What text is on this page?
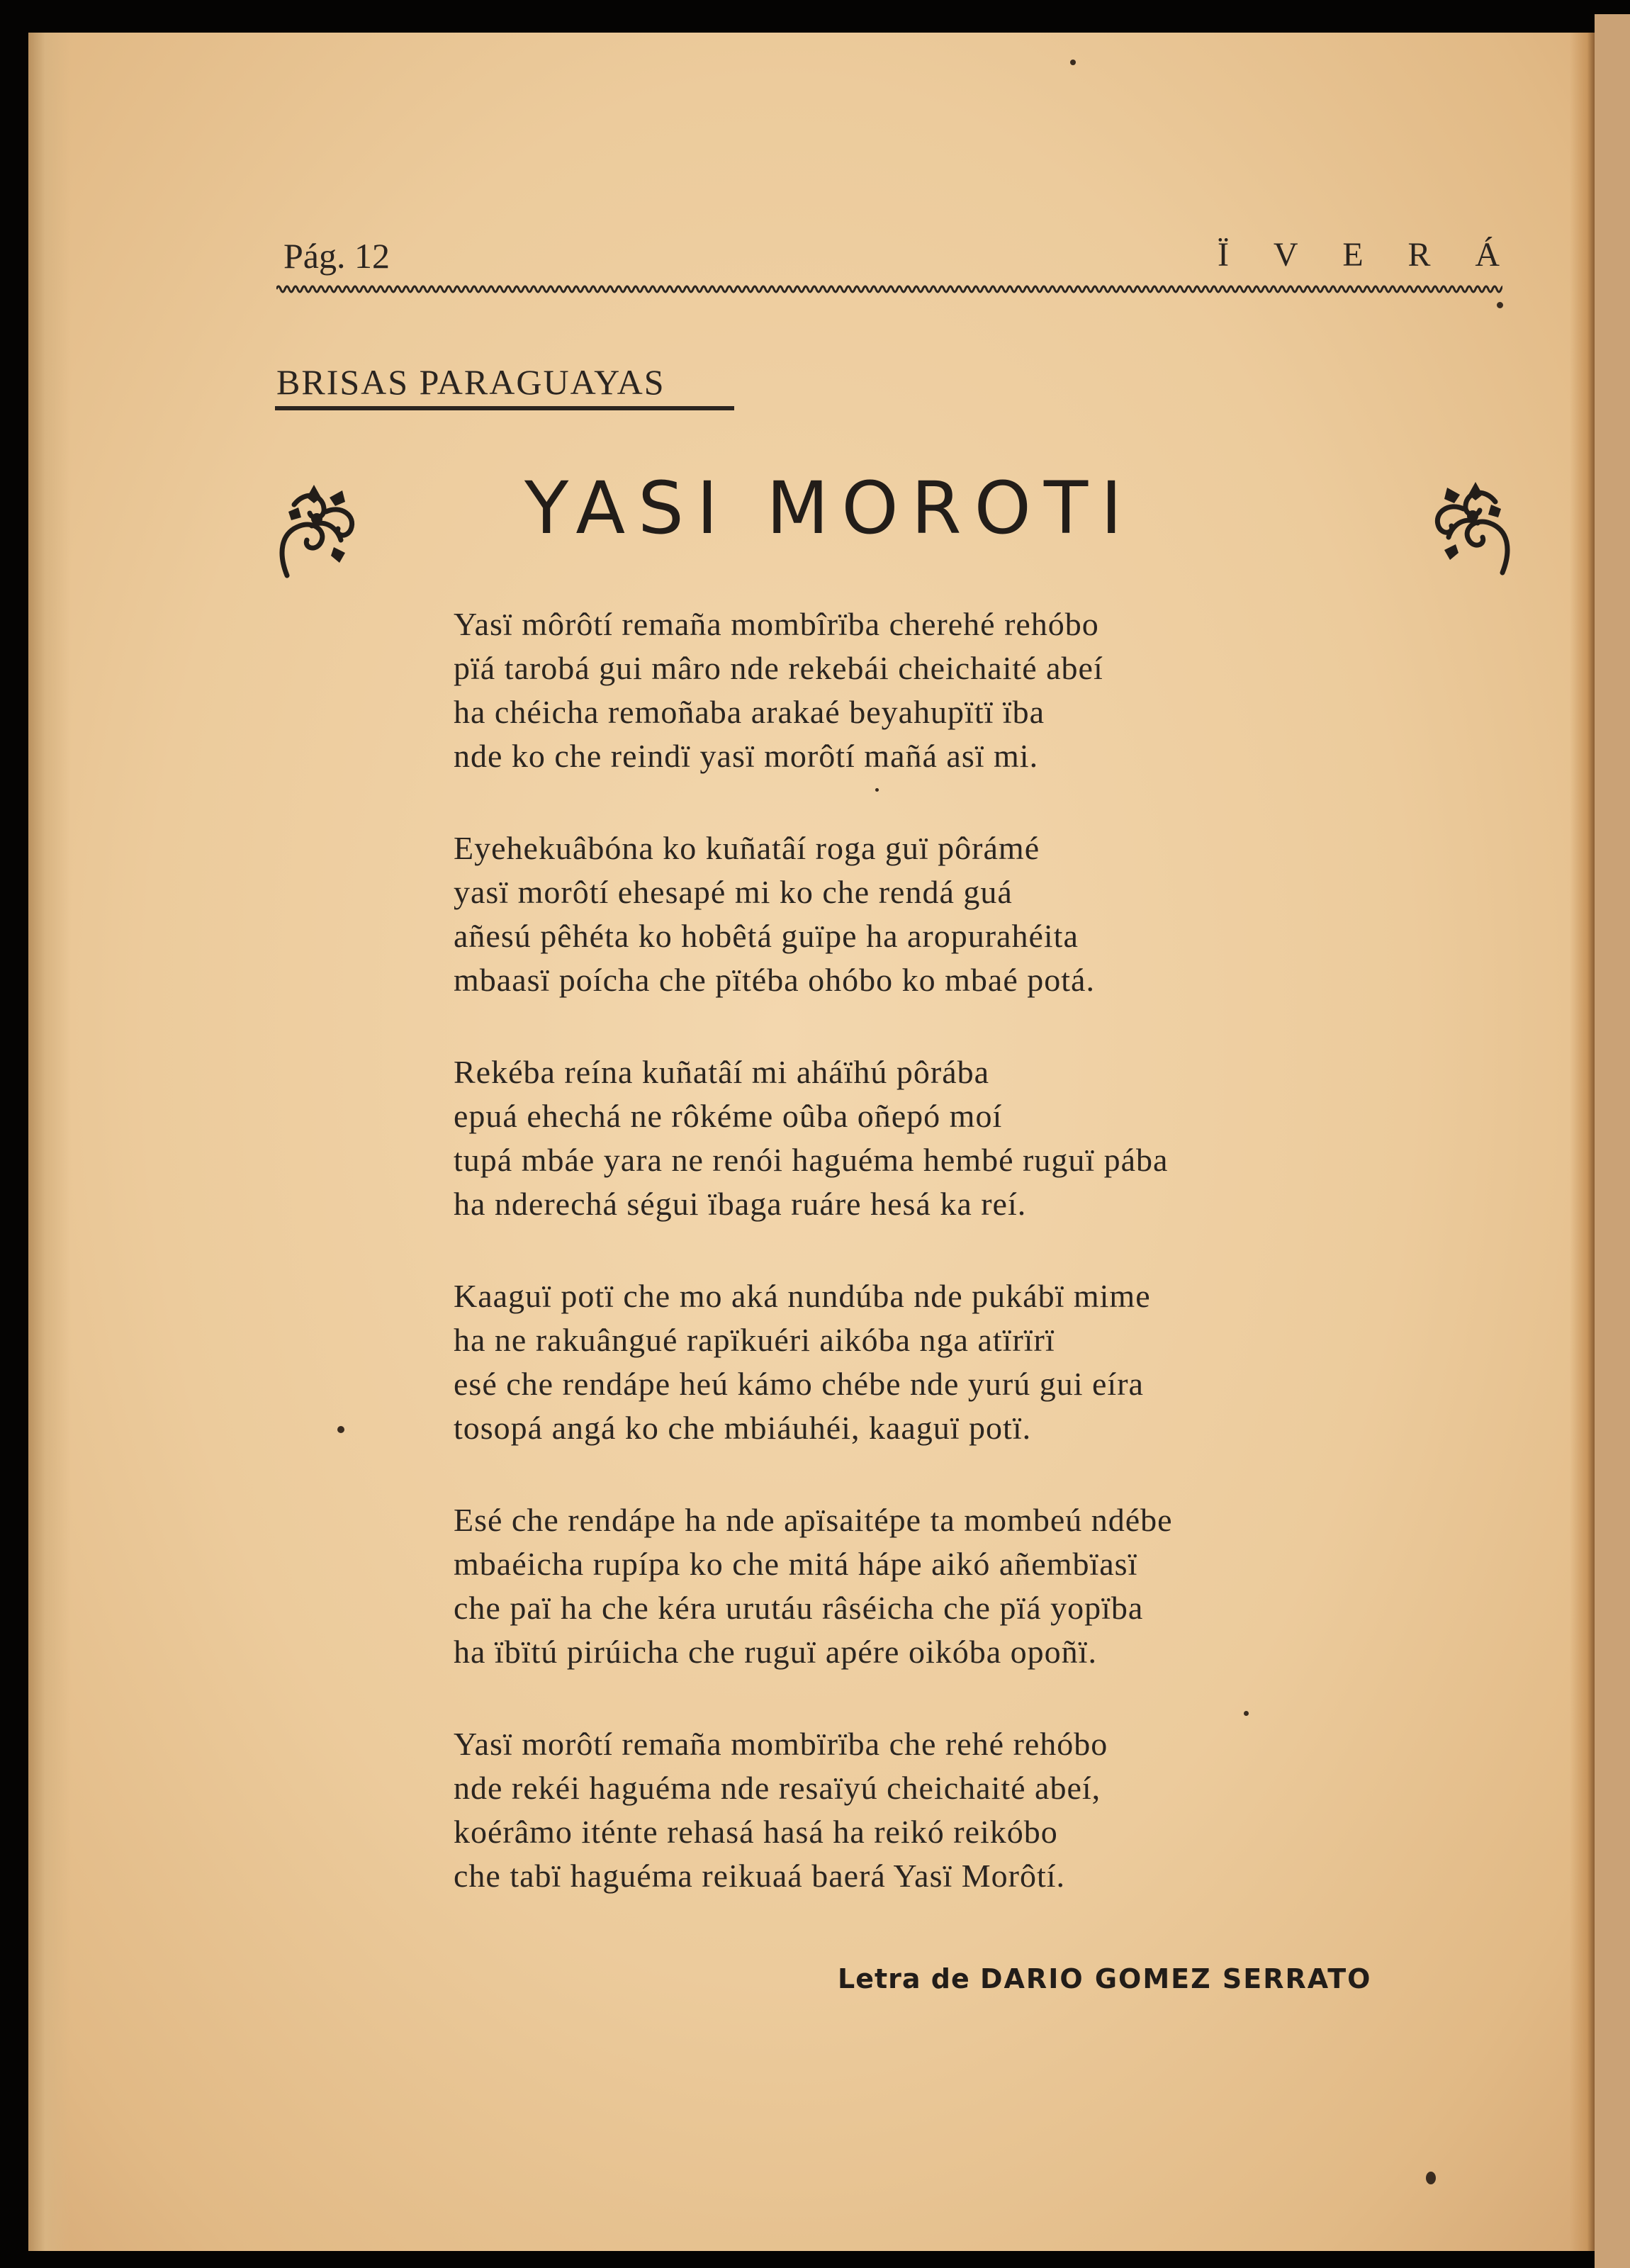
Pág. 12	Ï V E R Á
BRISAS PARAGUAYAS
YASI MOROTI
Yasï môrôtí remaña mombîrïba cherehé rehóbo
pïá tarobá gui mâro nde rekebái cheichaité abeí
ha chéicha remoñaba arakaé beyahupïtï ïba
nde ko che reindï yasï morôtí mañá asï mi.
Eyehekuâbóna ko kuñatâí roga guï pôrámé
yasï morôtí ehesapé mi ko che rendá guá
añesú pêhéta ko hobêtá guïpe ha aropurahéita
mbaasï poícha che pïtéba ohóbo ko mbaé potá.
Rekéba reína kuñatâí mi aháïhú pôrába
epuá ehechá ne rôkéme oûba oñepó moí
tupá mbáe yara ne renói haguéma hembé ruguï pába
ha nderechá ségui ïbaga ruáre hesá ka reí.
Kaaguï potï che mo aká nundúba nde pukábï mime
ha ne rakuângué rapïkuéri aikóba nga atïrïrï
esé che rendápe heú kámo chébe nde yurú gui eíra
tosopá angá ko che mbiáuhéi, kaaguï potï.
Esé che rendápe ha nde apïsaitépe ta mombeú ndébe
mbaéicha rupípa ko che mitá hápe aikó añembïasï
che paï ha che kéra urutáu râséicha che pïá yopïba
ha ïbïtú pirúicha che ruguï apére oikóba opoñï.
Yasï morôtí remaña mombïrïba che rehé rehóbo
nde rekéi haguéma nde resaïyú cheichaité abeí,
koérâmo iténte rehasá hasá ha reikó reikóbo
che tabï haguéma reikuaá baerá Yasï Morôtí.
Letra de DARIO GOMEZ SERRATO
